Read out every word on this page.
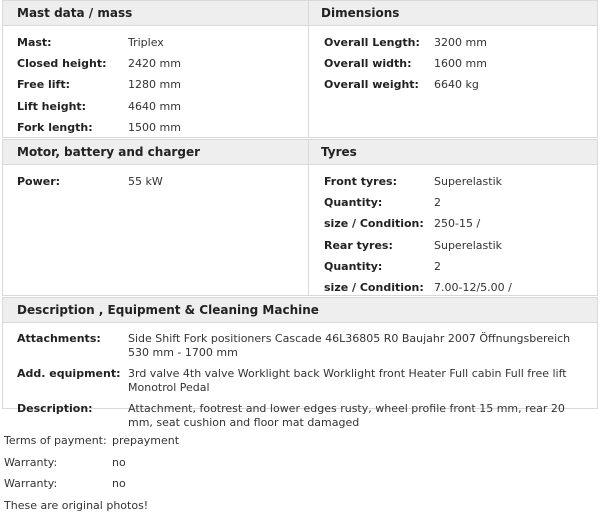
Mast data / mass
Mast:	Triplex
Closed height:	2420 mm
Free lift:	1280 mm
Lift height:	4640 mm
Fork length:	1500 mm
Dimensions
Overall Length:	3200 mm
Overall width:	1600 mm
Overall weight:	6640 kg
Motor, battery and charger
Power:	55 kW
Tyres
Front tyres:	Superelastik
Quantity:	2
size / Condition: 250-15 /
Rear tyres:	Superelastik
Quantity:	2
size / Condition: 7.00-12/5.00 /
Description , Equipment & Cleaning Machine
Attachments:	Side Shift Fork positioners Cascade 46L36805 R0 Baujahr 2007 Öffnungsbereich 530 mm - 1700 mm
Add. equipment: 3rd valve 4th valve Worklight back Worklight front Heater Full cabin Full free lift Monotrol Pedal
Description:	Attachment, footrest and lower edges rusty, wheel profile front 15 mm, rear 20 mm, seat cushion and floor mat damaged
Terms of payment: prepayment
Warranty:	no
Warranty:	no
These are original photos!
